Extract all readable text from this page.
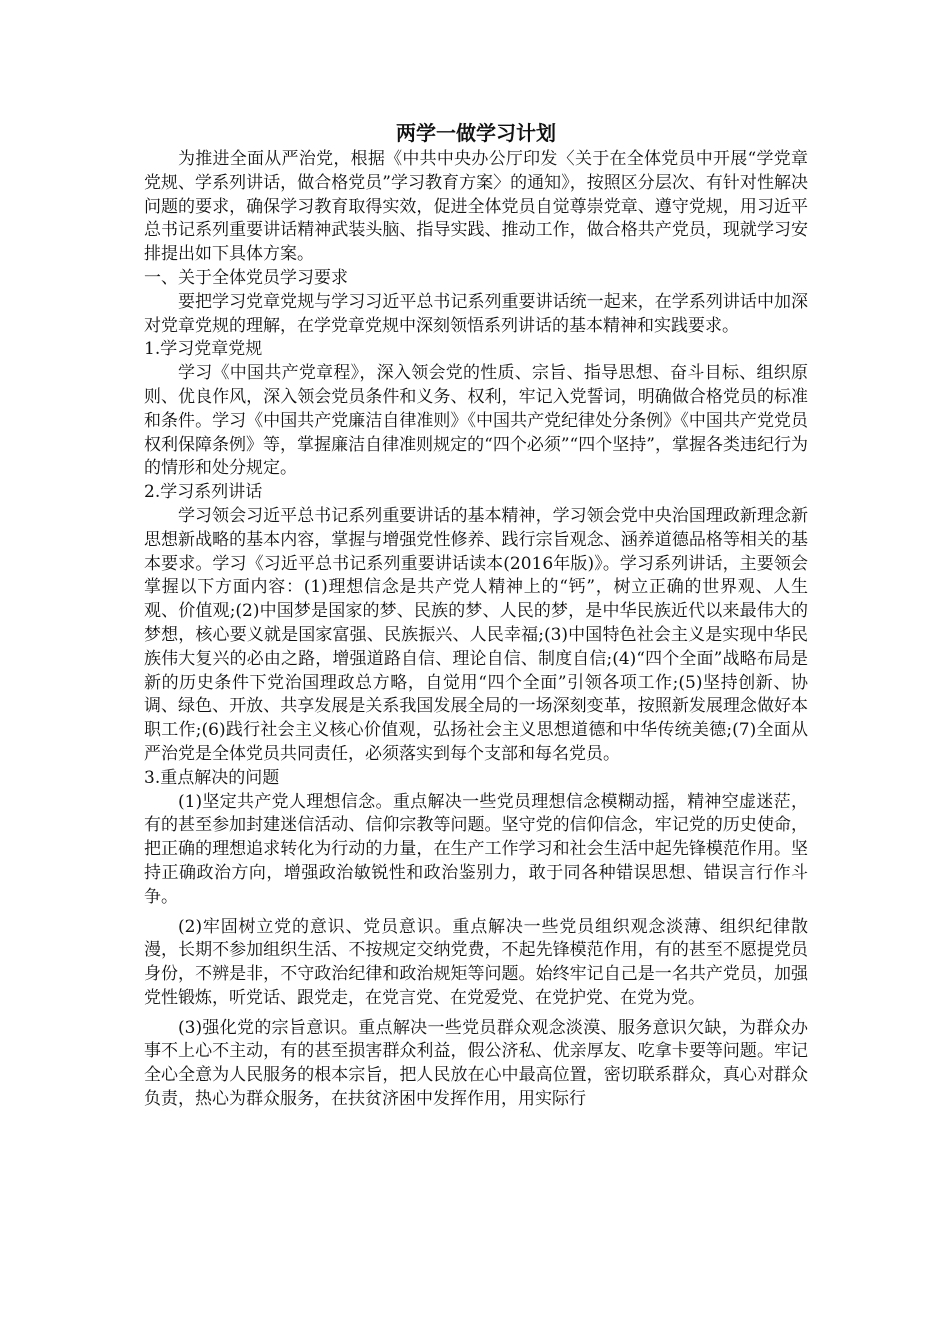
两学一做学习计划

为推进全面从严治党，根据《中共中央办公厅印发〈关于在全体党员中开展“学党章党规、学系列讲话，做合格党员”学习教育方案〉的通知》，按照区分层次、有针对性解决问题的要求，确保学习教育取得实效，促进全体党员自觉尊崇党章、遵守党规，用习近平总书记系列重要讲话精神武装头脑、指导实践、推动工作，做合格共产党员，现就学习安排提出如下具体方案。

一、关于全体党员学习要求

要把学习党章党规与学习习近平总书记系列重要讲话统一起来，在学系列讲话中加深对党章党规的理解，在学党章党规中深刻领悟系列讲话的基本精神和实践要求。

1.学习党章党规

学习《中国共产党章程》，深入领会党的性质、宗旨、指导思想、奋斗目标、组织原则、优良作风，深入领会党员条件和义务、权利，牢记入党誓词，明确做合格党员的标准和条件。学习《中国共产党廉洁自律准则》《中国共产党纪律处分条例》《中国共产党党员权利保障条例》等，掌握廉洁自律准则规定的“四个必须”“四个坚持”，掌握各类违纪行为的情形和处分规定。

2.学习系列讲话

学习领会习近平总书记系列重要讲话的基本精神，学习领会党中央治国理政新理念新思想新战略的基本内容，掌握与增强党性修养、践行宗旨观念、涵养道德品格等相关的基本要求。学习《习近平总书记系列重要讲话读本(2016年版)》。学习系列讲话，主要领会掌握以下方面内容：(1)理想信念是共产党人精神上的“钙”，树立正确的世界观、人生观、价值观;(2)中国梦是国家的梦、民族的梦、人民的梦，是中华民族近代以来最伟大的梦想，核心要义就是国家富强、民族振兴、人民幸福;(3)中国特色社会主义是实现中华民族伟大复兴的必由之路，增强道路自信、理论自信、制度自信;(4)“四个全面”战略布局是新的历史条件下党治国理政总方略，自觉用“四个全面”引领各项工作;(5)坚持创新、协调、绿色、开放、共享发展是关系我国发展全局的一场深刻变革，按照新发展理念做好本职工作;(6)践行社会主义核心价值观，弘扬社会主义思想道德和中华传统美德;(7)全面从严治党是全体党员共同责任，必须落实到每个支部和每名党员。

3.重点解决的问题

(1)坚定共产党人理想信念。重点解决一些党员理想信念模糊动摇，精神空虚迷茫，有的甚至参加封建迷信活动、信仰宗教等问题。坚守党的信仰信念，牢记党的历史使命，把正确的理想追求转化为行动的力量，在生产工作学习和社会生活中起先锋模范作用。坚持正确政治方向，增强政治敏锐性和政治鉴别力，敢于同各种错误思想、错误言行作斗争。

(2)牢固树立党的意识、党员意识。重点解决一些党员组织观念淡薄、组织纪律散漫，长期不参加组织生活、不按规定交纳党费，不起先锋模范作用，有的甚至不愿提党员身份，不辨是非，不守政治纪律和政治规矩等问题。始终牢记自己是一名共产党员，加强党性锻炼，听党话、跟党走，在党言党、在党爱党、在党护党、在党为党。

(3)强化党的宗旨意识。重点解决一些党员群众观念淡漠、服务意识欠缺，为群众办事不上心不主动，有的甚至损害群众利益，假公济私、优亲厚友、吃拿卡要等问题。牢记全心全意为人民服务的根本宗旨，把人民放在心中最高位置，密切联系群众，真心对群众负责，热心为群众服务，在扶贫济困中发挥作用，用实际行
